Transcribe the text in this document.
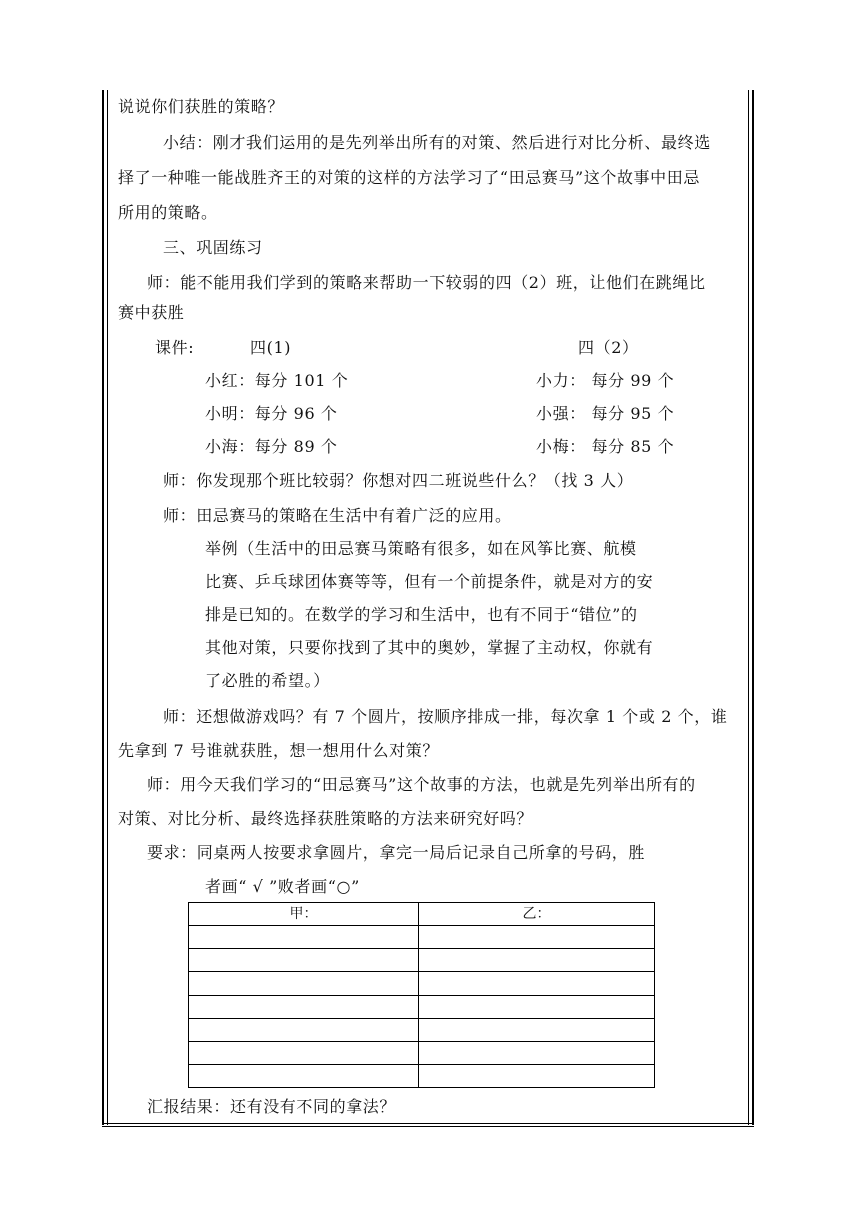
说说你们获胜的策略？
小结：刚才我们运用的是先列举出所有的对策、然后进行对比分析、最终选
择了一种唯一能战胜齐王的对策的这样的方法学习了“田忌赛马”这个故事中田忌
所用的策略。
三、巩固练习
师：能不能用我们学到的策略来帮助一下较弱的四（2）班，让他们在跳绳比
赛中获胜
课件:	四(1)	四（2）
小红：每分 101 个	小力： 每分 99 个
小明：每分 96 个	小强： 每分 95 个
小海：每分 89 个	小梅： 每分 85 个
师：你发现那个班比较弱？你想对四二班说些什么？（找 3 人）
师：田忌赛马的策略在生活中有着广泛的应用。
举例（生活中的田忌赛马策略有很多，如在风筝比赛、航模
比赛、乒乓球团体赛等等，但有一个前提条件，就是对方的安
排是已知的。在数学的学习和生活中，也有不同于“错位”的
其他对策，只要你找到了其中的奥妙，掌握了主动权，你就有
了必胜的希望。）
师：还想做游戏吗？有 7 个圆片，按顺序排成一排，每次拿 1 个或 2 个，谁
先拿到 7 号谁就获胜，想一想用什么对策？
师：用今天我们学习的“田忌赛马”这个故事的方法，也就是先列举出所有的
对策、对比分析、最终选择获胜策略的方法来研究好吗？
要求：同桌两人按要求拿圆片，拿完一局后记录自己所拿的号码，胜
者画“ √ ”败者画“○”
甲：	乙：

汇报结果：还有没有不同的拿法？
